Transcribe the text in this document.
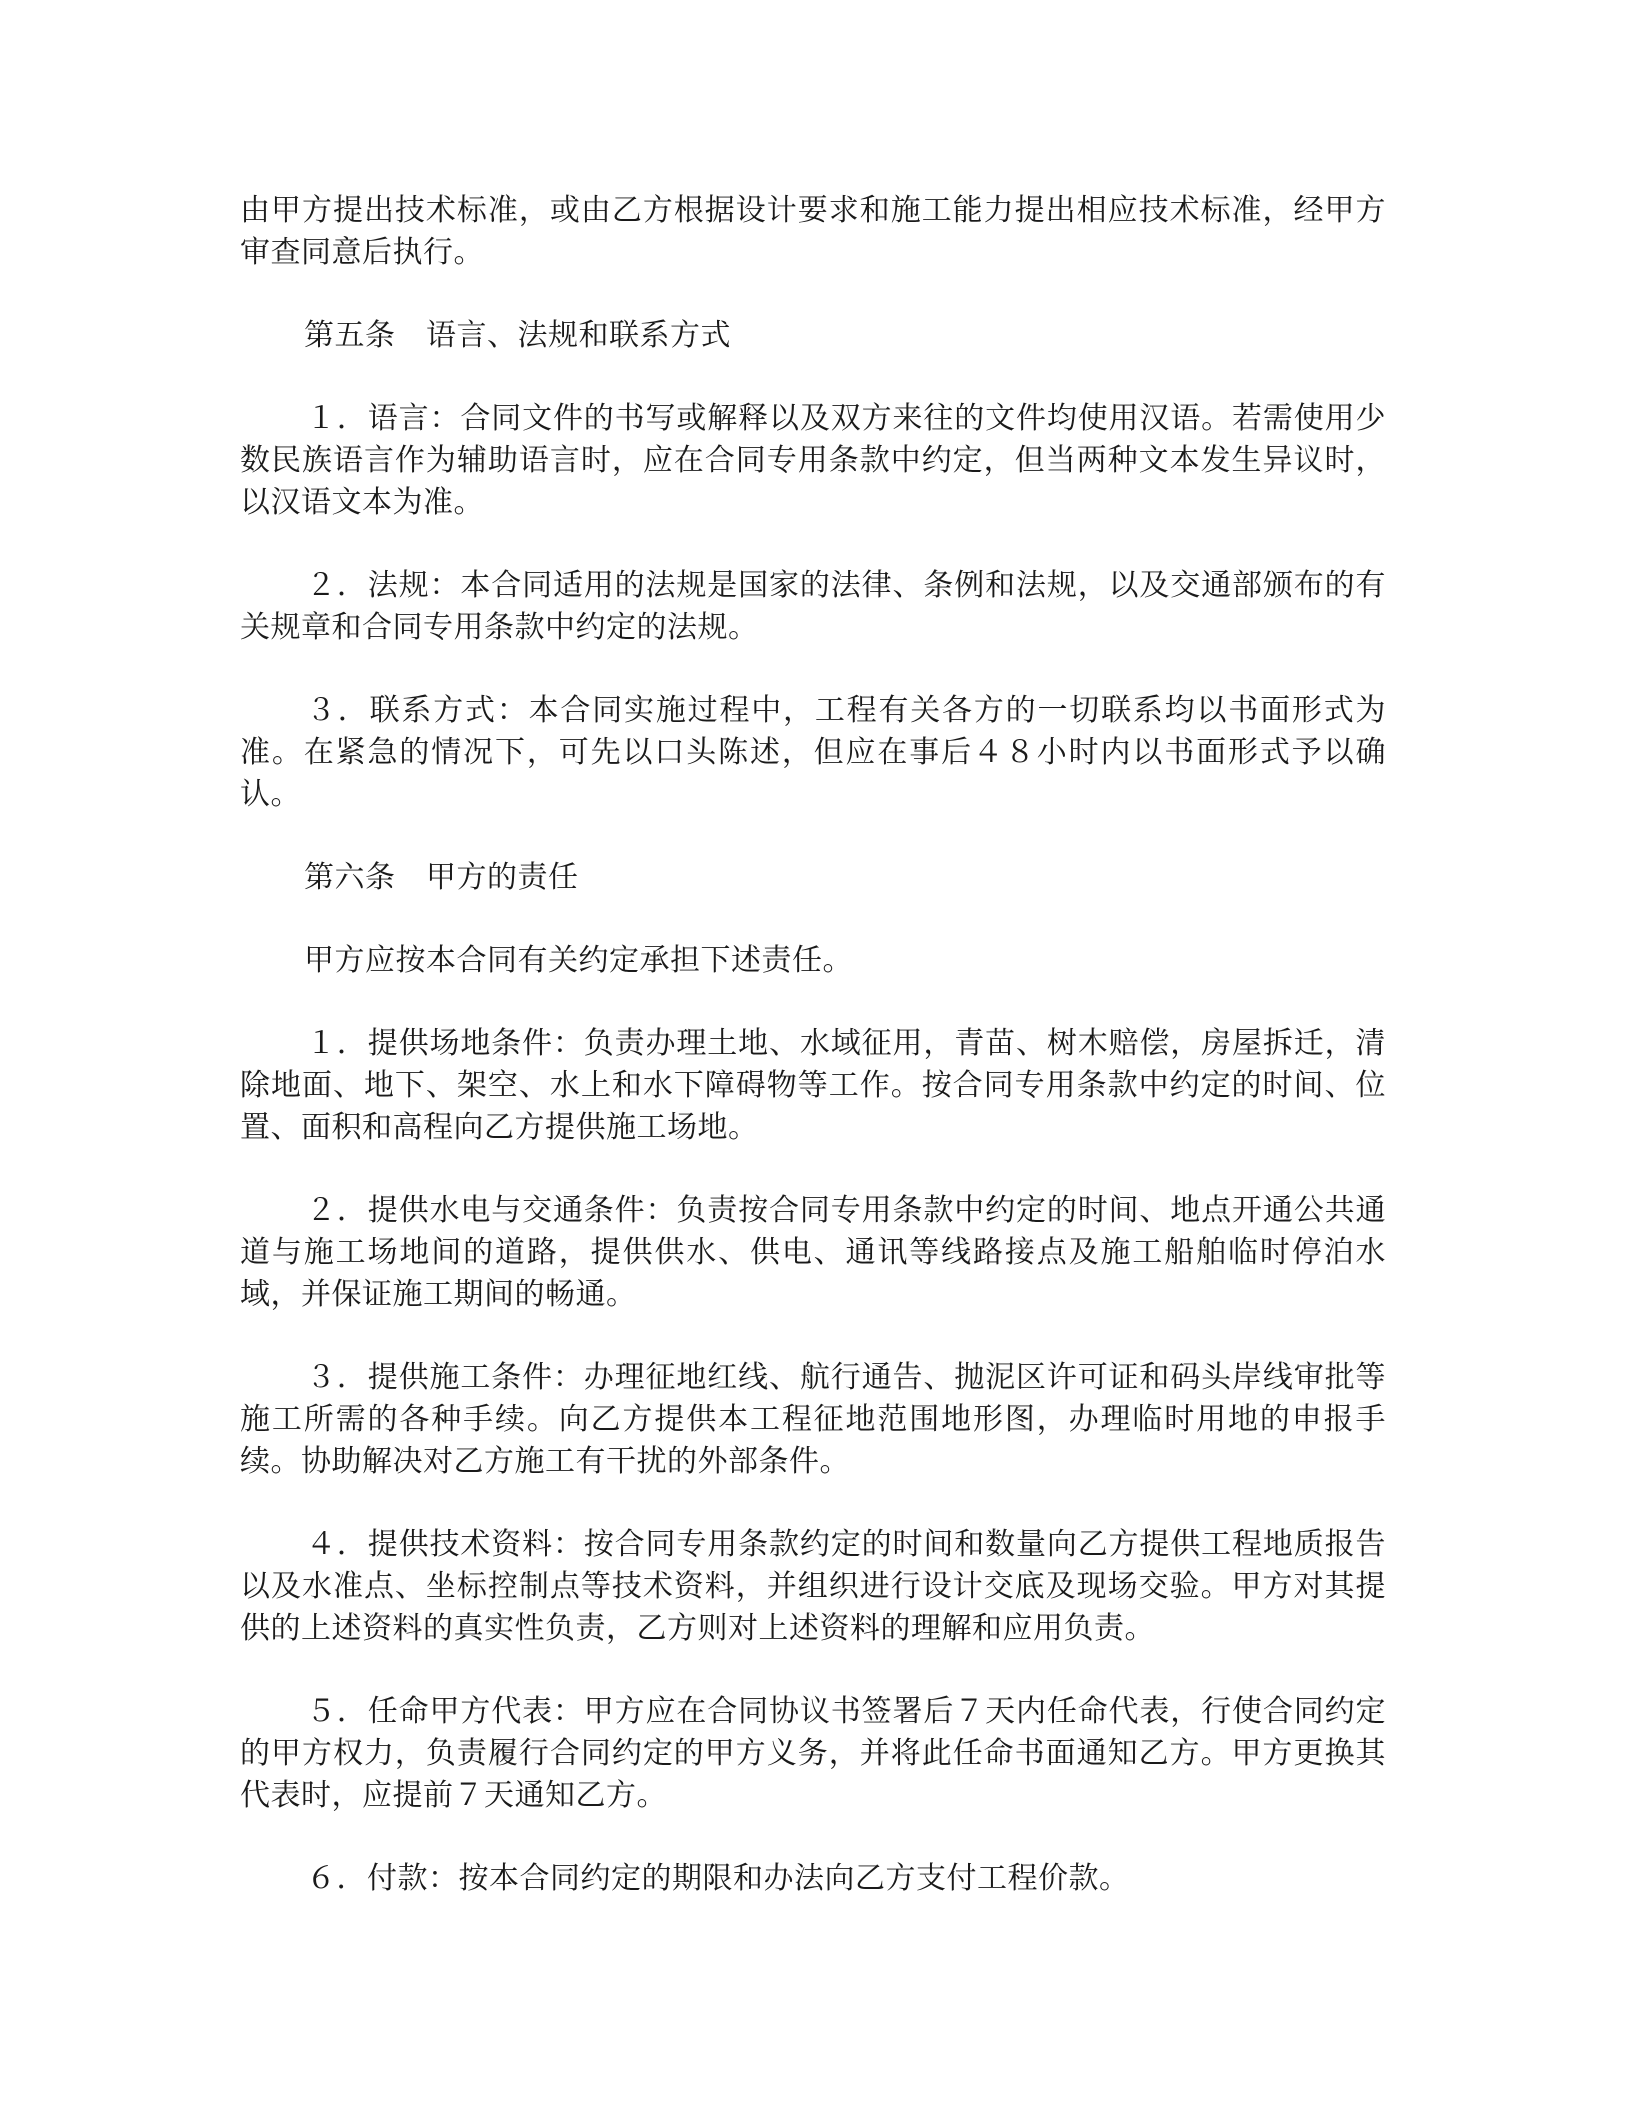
由甲方提出技术标准，或由乙方根据设计要求和施工能力提出相应技术标准，经甲方审查同意后执行。

第五条　语言、法规和联系方式

１．语言：合同文件的书写或解释以及双方来往的文件均使用汉语。若需使用少数民族语言作为辅助语言时，应在合同专用条款中约定，但当两种文本发生异议时，以汉语文本为准。

２．法规：本合同适用的法规是国家的法律、条例和法规，以及交通部颁布的有关规章和合同专用条款中约定的法规。

３．联系方式：本合同实施过程中，工程有关各方的一切联系均以书面形式为准。在紧急的情况下，可先以口头陈述，但应在事后４８小时内以书面形式予以确认。

第六条　甲方的责任

甲方应按本合同有关约定承担下述责任。

１．提供场地条件：负责办理土地、水域征用，青苗、树木赔偿，房屋拆迁，清除地面、地下、架空、水上和水下障碍物等工作。按合同专用条款中约定的时间、位置、面积和高程向乙方提供施工场地。

２．提供水电与交通条件：负责按合同专用条款中约定的时间、地点开通公共通道与施工场地间的道路，提供供水、供电、通讯等线路接点及施工船舶临时停泊水域，并保证施工期间的畅通。

３．提供施工条件：办理征地红线、航行通告、抛泥区许可证和码头岸线审批等施工所需的各种手续。向乙方提供本工程征地范围地形图，办理临时用地的申报手续。协助解决对乙方施工有干扰的外部条件。

４．提供技术资料：按合同专用条款约定的时间和数量向乙方提供工程地质报告以及水准点、坐标控制点等技术资料，并组织进行设计交底及现场交验。甲方对其提供的上述资料的真实性负责，乙方则对上述资料的理解和应用负责。

５．任命甲方代表：甲方应在合同协议书签署后７天内任命代表，行使合同约定的甲方权力，负责履行合同约定的甲方义务，并将此任命书面通知乙方。甲方更换其代表时，应提前７天通知乙方。

６．付款：按本合同约定的期限和办法向乙方支付工程价款。
